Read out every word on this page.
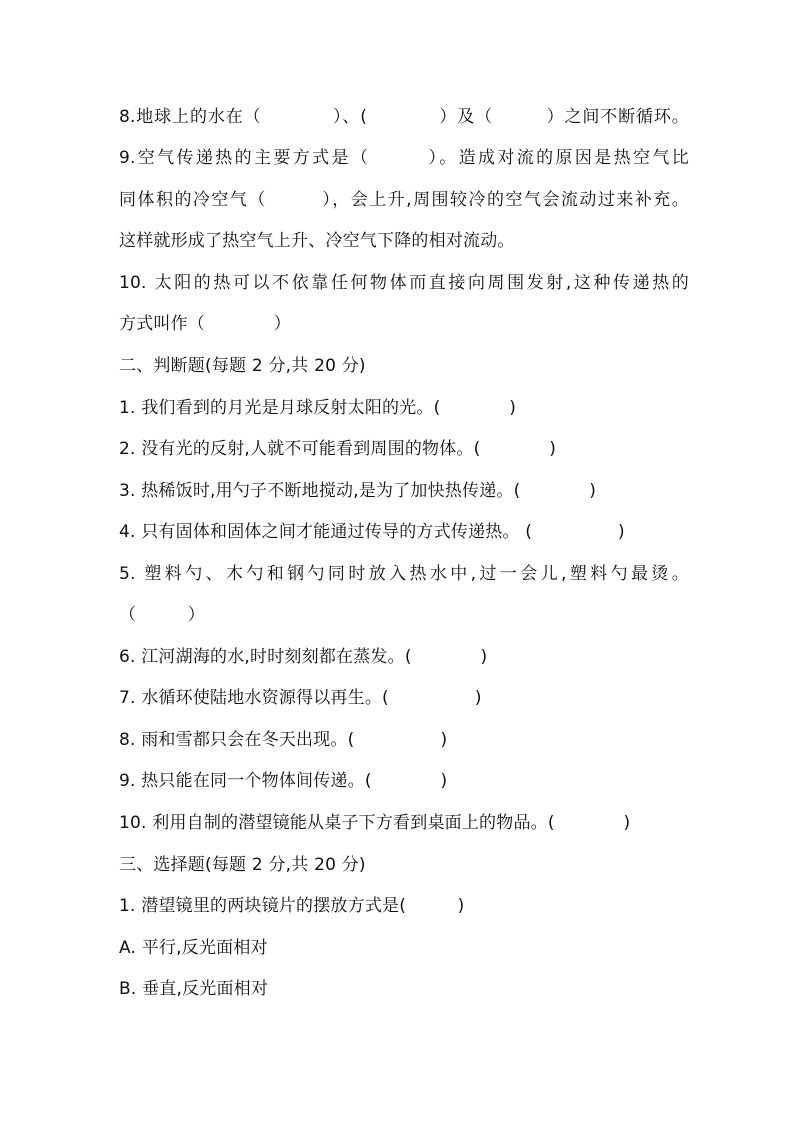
8.地球上的水在（　　　　）、(　　　　）及（　　　）之间不断循环。
9.空气传递热的主要方式是（　　　）。造成对流的原因是热空气比
同体积的冷空气（　　　），会上升,周围较冷的空气会流动过来补充。
这样就形成了热空气上升、冷空气下降的相对流动。
10. 太阳的热可以不依靠任何物体而直接向周围发射,这种传递热的
方式叫作（　　　　）
二、判断题(每题 2 分,共 20 分)
1. 我们看到的月光是月球反射太阳的光。(　　　　)
2. 没有光的反射,人就不可能看到周围的物体。(　　　　)
3. 热稀饭时,用勺子不断地搅动,是为了加快热传递。(　　　　)
4. 只有固体和固体之间才能通过传导的方式传递热。 (　　　　　)
5. 塑料勺、木勺和钢勺同时放入热水中,过一会儿,塑料勺最烫。
（　　　）
6. 江河湖海的水,时时刻刻都在蒸发。(　　　　)
7. 水循环使陆地水资源得以再生。(　　　　　)
8. 雨和雪都只会在冬天出现。(　　　　　)
9. 热只能在同一个物体间传递。(　　　　)
10. 利用自制的潜望镜能从桌子下方看到桌面上的物品。(　　　　)
三、选择题(每题 2 分,共 20 分)
1. 潜望镜里的两块镜片的摆放方式是(　　　)
A. 平行,反光面相对
B. 垂直,反光面相对
